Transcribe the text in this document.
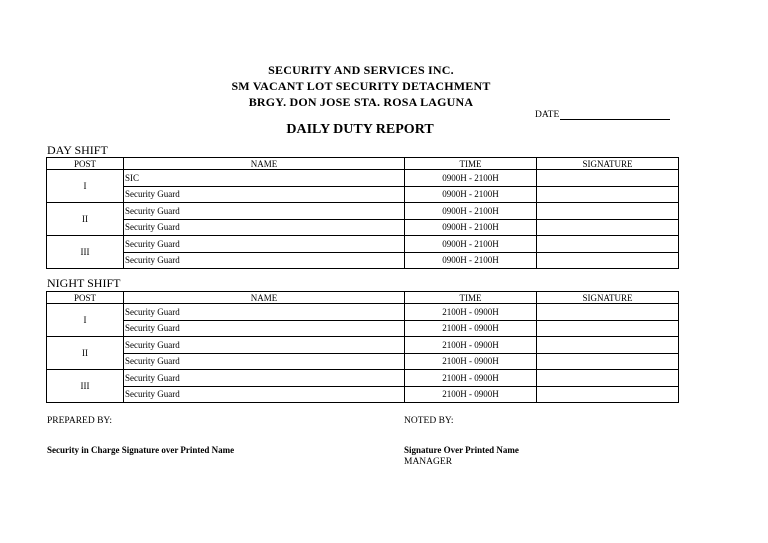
SECURITY AND SERVICES INC.
SM VACANT LOT SECURITY DETACHMENT
BRGY. DON JOSE STA. ROSA LAGUNA
DATE
DAILY DUTY REPORT
DAY SHIFT
POST	NAME	TIME	SIGNATURE
I	SIC	0900H - 2100H	
	Security Guard	0900H - 2100H	
II	Security Guard	0900H - 2100H	
	Security Guard	0900H - 2100H	
III	Security Guard	0900H - 2100H	
	Security Guard	0900H - 2100H	
NIGHT SHIFT
POST	NAME	TIME	SIGNATURE
I	Security Guard	2100H - 0900H	
	Security Guard	2100H - 0900H	
II	Security Guard	2100H - 0900H	
	Security Guard	2100H - 0900H	
III	Security Guard	2100H - 0900H	
	Security Guard	2100H - 0900H	
PREPARED BY:	NOTED BY:
Security in Charge Signature over Printed Name	Signature Over Printed Name
MANAGER
